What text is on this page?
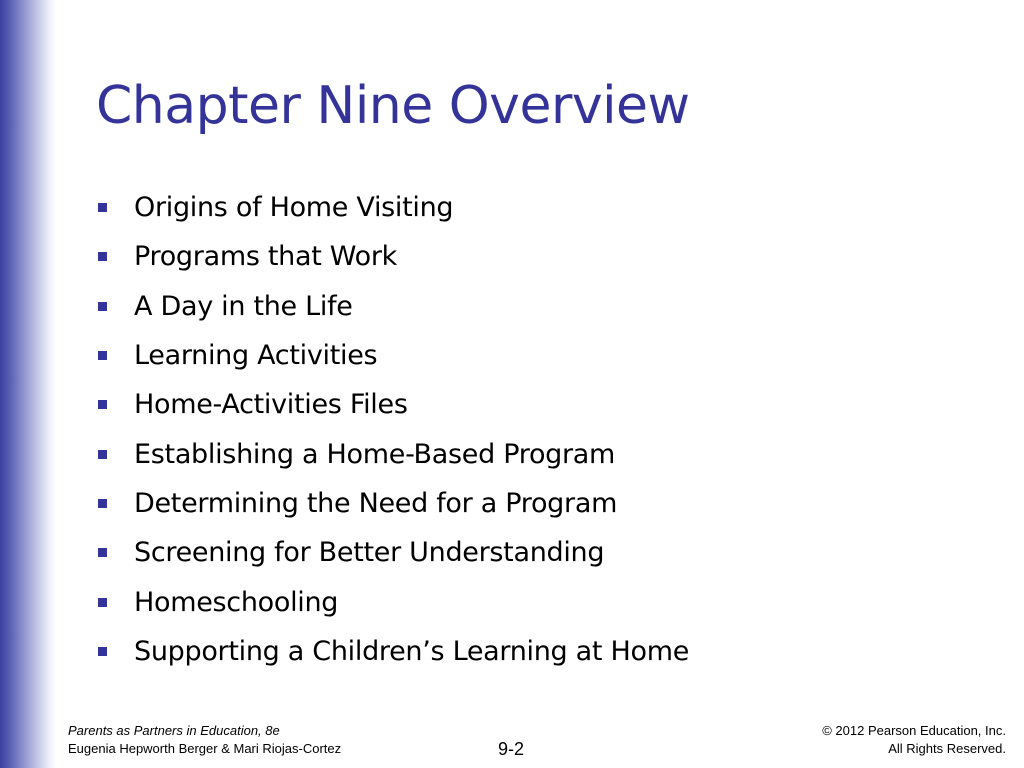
Chapter Nine Overview
Origins of Home Visiting
Programs that Work
A Day in the Life
Learning Activities
Home-Activities Files
Establishing a Home-Based Program
Determining the Need for a Program
Screening for Better Understanding
Homeschooling
Supporting a Children’s Learning at Home
Parents as Partners in Education, 8e
Eugenia Hepworth Berger & Mari Riojas-Cortez	9-2
© 2012 Pearson Education, Inc.
All Rights Reserved.
